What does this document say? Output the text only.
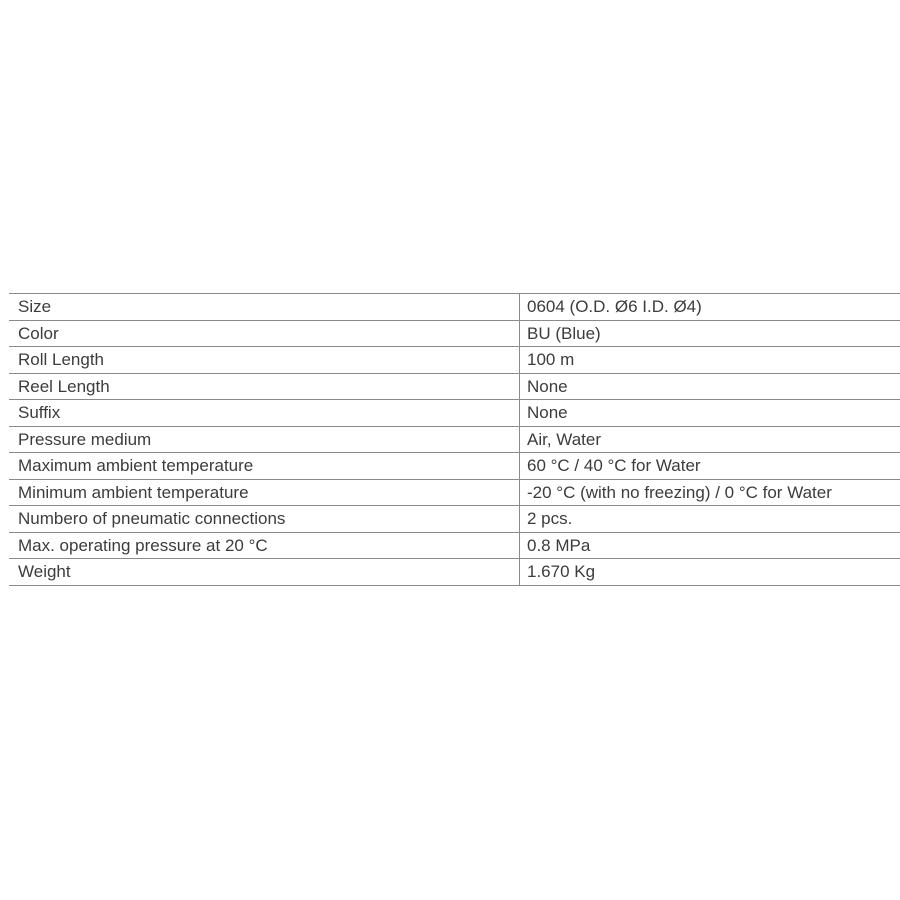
Size	0604 (O.D. Ø6 I.D. Ø4)
Color	BU (Blue)
Roll Length	100 m
Reel Length	None
Suffix	None
Pressure medium	Air, Water
Maximum ambient temperature	60 °C / 40 °C for Water
Minimum ambient temperature	-20 °C (with no freezing) / 0 °C for Water
Numbero of pneumatic connections	2 pcs.
Max. operating pressure at 20 °C	0.8 MPa
Weight	1.670 Kg
